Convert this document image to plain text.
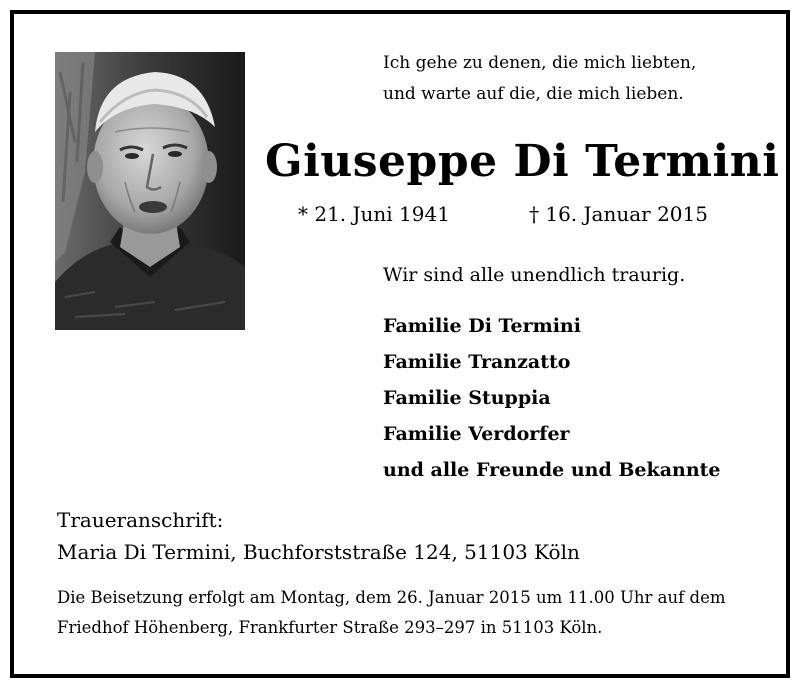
Ich gehe zu denen, die mich liebten,
und warte auf die, die mich lieben.
Giuseppe Di Termini
* 21. Juni 1941	† 16. Januar 2015
Wir sind alle unendlich traurig.
Familie Di Termini
Familie Tranzatto
Familie Stuppia
Familie Verdorfer
und alle Freunde und Bekannte
Traueranschrift:
Maria Di Termini, Buchforststraße 124, 51103 Köln
Die Beisetzung erfolgt am Montag, dem 26. Januar 2015 um 11.00 Uhr auf dem
Friedhof Höhenberg, Frankfurter Straße 293–297 in 51103 Köln.
